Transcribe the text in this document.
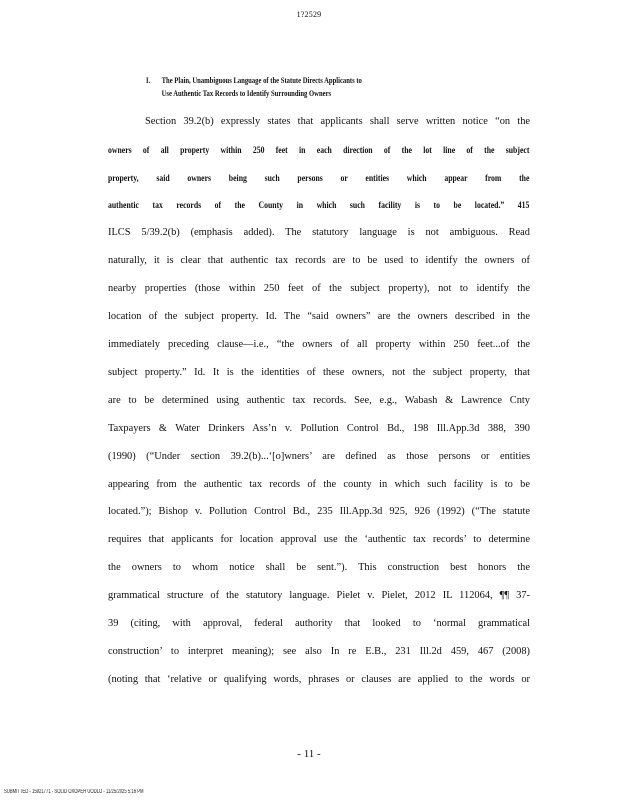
1?2529
I. The Plain, Unambiguous Language of the Statute Directs Applicants to
Use Authentic Tax Records to Identify Surrounding Owners
Section 39.2(b) expressly states that applicants shall serve written notice “on the
owners of all property within 250 feet in each direction of the lot line of the subject
property, said owners being such persons or entities which appear from the
authentic tax records of the County in which such facility is to be located.” 415
ILCS 5/39.2(b) (emphasis added). The statutory language is not ambiguous. Read
naturally, it is clear that authentic tax records are to be used to identify the owners of
nearby properties (those within 250 feet of the subject property), not to identify the
location of the subject property. Id. The “said owners” are the owners described in the
immediately preceding clause—i.e., “the owners of all property within 250 feet...of the
subject property.” Id. It is the identities of these owners, not the subject property, that
are to be determined using authentic tax records. See, e.g., Wabash & Lawrence Cnty
Taxpayers & Water Drinkers Ass’n v. Pollution Control Bd., 198 Ill.App.3d 388, 390
(1990) (“Under section 39.2(b)...‘[o]wners’ are defined as those persons or entities
appearing from the authentic tax records of the county in which such facility is to be
located.”); Bishop v. Pollution Control Bd., 235 Ill.App.3d 925, 926 (1992) (“The statute
requires that applicants for location approval use the ‘authentic tax records’ to determine
the owners to whom notice shall be sent.”). This construction best honors the
grammatical structure of the statutory language. Pielet v. Pielet, 2012 IL 112064, ¶¶ 37-
39 (citing, with approval, federal authority that looked to ‘normal grammatical
construction’ to interpret meaning); see also In re E.B., 231 Ill.2d 459, 467 (2008)
(noting that ‘relative or qualifying words, phrases or clauses are applied to the words or
- 11 -
SUBMITTED - 15921771 - SOLID OXOPEH UODLO - 11/25/2025 5:16 PM
